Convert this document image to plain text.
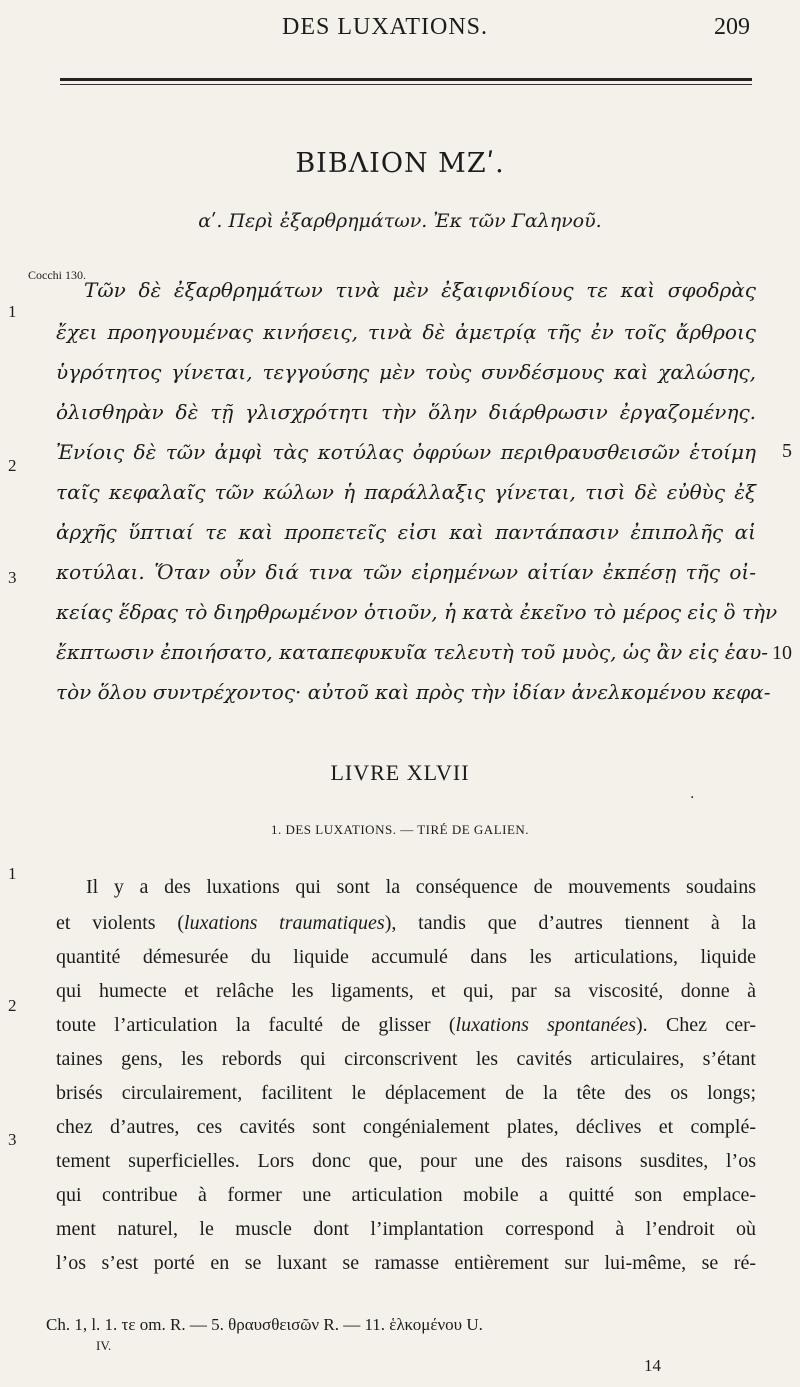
DES LUXATIONS.	209
ΒΙΒΛΙΟΝ ΜΖʹ.
αʹ. Περὶ ἐξαρθρημάτων. Ἐκ τῶν Γαληνοῦ.
Cocchi 130.
Τῶν δὲ ἐξαρθρημάτων τινὰ μὲν ἐξαιφνιδίους τε καὶ σφοδρὰς
ἔχει προηγουμένας κινήσεις, τινὰ δὲ ἀμετρίᾳ τῆς ἐν τοῖς ἄρθροις
ὑγρότητος γίνεται, τεγγούσης μὲν τοὺς συνδέσμους καὶ χαλώσης,
ὀλισθηρὰν δὲ τῇ γλισχρότητι τὴν ὅλην διάρθρωσιν ἐργαζομένης.
Ἐνίοις δὲ τῶν ἀμφὶ τὰς κοτύλας ὀφρύων περιθραυσθεισῶν ἑτοίμη
ταῖς κεφαλαῖς τῶν κώλων ἡ παράλλαξις γίνεται, τισὶ δὲ εὐθὺς ἐξ
ἀρχῆς ὕπτιαί τε καὶ προπετεῖς εἰσι καὶ παντάπασιν ἐπιπολῆς αἱ
κοτύλαι. Ὅταν οὖν διά τινα τῶν εἰρημένων αἰτίαν ἐκπέσῃ τῆς οἰ-
κείας ἕδρας τὸ διηρθρωμένον ὁτιοῦν, ἡ κατὰ ἐκεῖνο τὸ μέρος εἰς ὃ τὴν
ἔκπτωσιν ἐποιήσατο, καταπεφυκυῖα τελευτὴ τοῦ μυὸς, ὡς ἂν εἰς ἑαυ-
τὸν ὅλου συντρέχοντος· αὐτοῦ καὶ πρὸς τὴν ἰδίαν ἀνελκομένου κεφα-
1
2
3
5
10
LIVRE XLVII
·
1. DES LUXATIONS. — TIRÉ DE GALIEN.
1
2
3
Il y a des luxations qui sont la conséquence de mouvements soudains
et violents (luxations traumatiques), tandis que d’autres tiennent à la
quantité démesurée du liquide accumulé dans les articulations, liquide
qui humecte et relâche les ligaments, et qui, par sa viscosité, donne à
toute l’articulation la faculté de glisser (luxations spontanées). Chez cer-
taines gens, les rebords qui circonscrivent les cavités articulaires, s’étant
brisés circulairement, facilitent le déplacement de la tête des os longs;
chez d’autres, ces cavités sont congénialement plates, déclives et complé-
tement superficielles. Lors donc que, pour une des raisons susdites, l’os
qui contribue à former une articulation mobile a quitté son emplace-
ment naturel, le muscle dont l’implantation correspond à l’endroit où
l’os s’est porté en se luxant se ramasse entièrement sur lui-même, se ré-
Ch. 1, l. 1. τε om. R. — 5. θραυσθεισῶν R. — 11. ἑλκομένου U.
IV.
14
